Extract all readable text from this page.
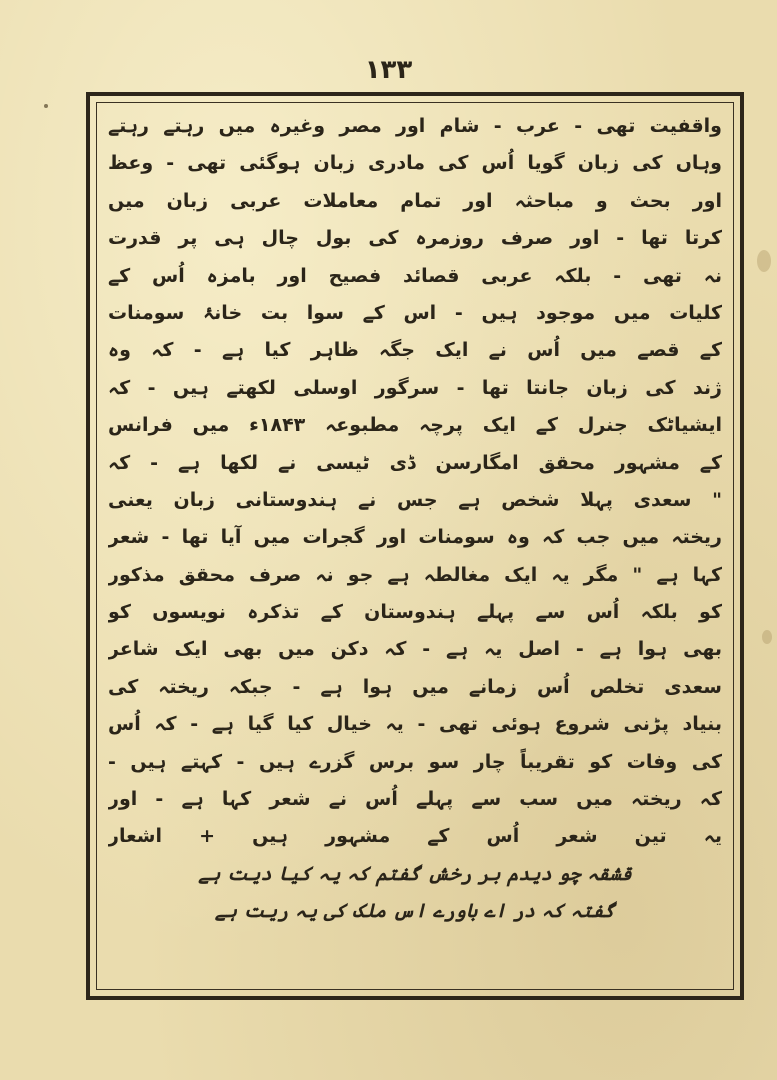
۱۳۳
واقفیت تھی - عرب - شام اور مصر وغیرہ میں رہتے رہتے
وہاں کی زبان گویا اُس کی مادری زبان ہوگئی تھی - وعظ
اور بحث و مباحثہ اور تمام معاملات عربی زبان میں
کرتا تھا - اور صرف روزمرہ کی بول چال ہی پر قدرت
نہ تھی - بلکہ عربی قصائد فصیح اور بامزہ اُس کے
کلیات میں موجود ہیں - اس کے سوا بت خانۂ سومنات
کے قصے میں اُس نے ایک جگہ ظاہر کیا ہے - کہ وہ
ژند کی زبان جانتا تھا - سرگور اوسلی لکھتے ہیں - کہ
ایشیاٹک جنرل کے ایک پرچہ مطبوعہ ۱۸۴۳ء میں فرانس
کے مشہور محقق امگارسن ڈی ٹیسی نے لکھا ہے - کہ
" سعدی پہلا شخص ہے جس نے ہندوستانی زبان یعنی
ریختہ میں جب کہ وہ سومنات اور گجرات میں آیا تھا - شعر
کہا ہے " مگر یہ ایک مغالطہ ہے جو نہ صرف محقق مذکور
کو بلکہ اُس سے پہلے ہندوستان کے تذکرہ نویسوں کو
بھی ہوا ہے - اصل یہ ہے - کہ دکن میں بھی ایک شاعر
سعدی تخلص اُس زمانے میں ہوا ہے - جبکہ ریختہ کی
بنیاد پڑنی شروع ہوئی تھی - یہ خیال کیا گیا ہے - کہ اُس
کی وفات کو تقریباً چار سو برس گزرے ہیں - کہتے ہیں -
کہ ریختہ میں سب سے پہلے اُس نے شعر کہا ہے - اور
یہ تین شعر اُس کے مشہور ہیں + اشعار
قشقہ چو دیدم بر رخش گفتم کہ یہ کیا دیت ہے
گفتہ کہ در اے باورے اس ملک کی یہ ریت ہے
